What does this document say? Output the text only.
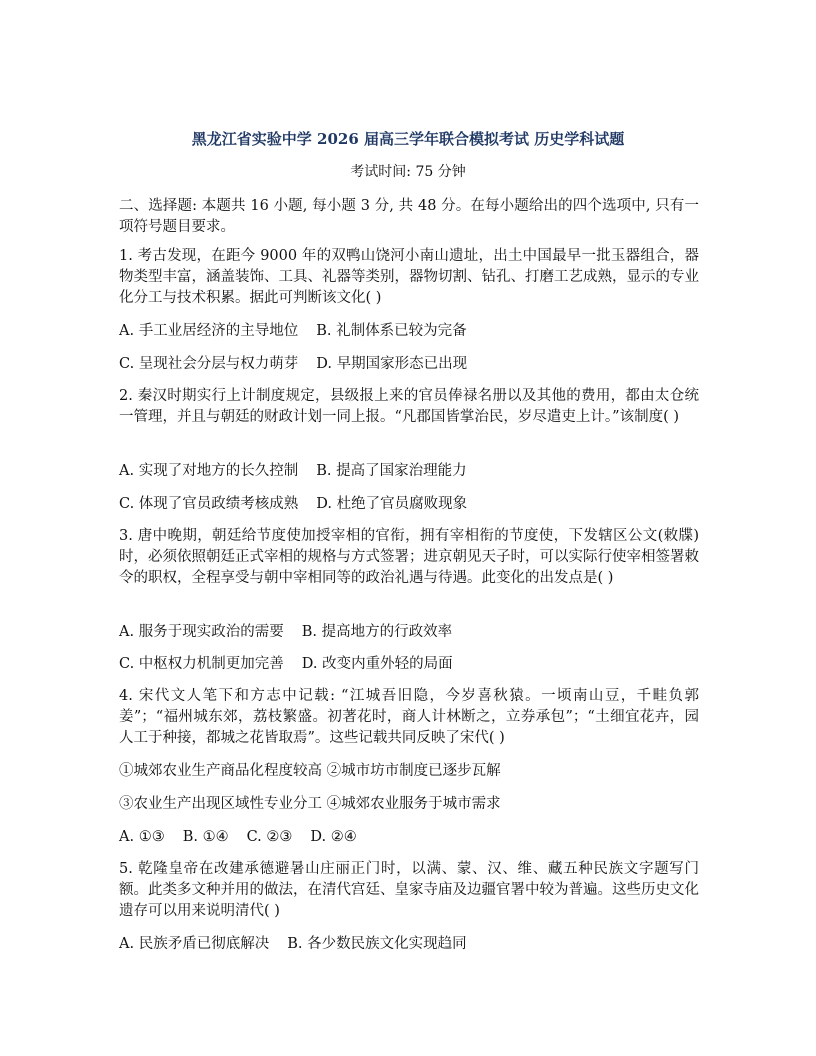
黑龙江省实验中学 2026 届高三学年联合模拟考试 历史学科试题
考试时间: 75 分钟
二、选择题: 本题共 16 小题, 每小题 3 分, 共 48 分。在每小题给出的四个选项中, 只有一项符号题目要求。
1. 考古发现，在距今 9000 年的双鸭山饶河小南山遗址，出土中国最早一批玉器组合，器物类型丰富，涵盖装饰、工具、礼器等类别，器物切割、钻孔、打磨工艺成熟，显示的专业化分工与技术积累。据此可判断该文化( )
A. 手工业居经济的主导地位 B. 礼制体系已较为完备
C. 呈现社会分层与权力萌芽 D. 早期国家形态已出现
2. 秦汉时期实行上计制度规定，县级报上来的官员俸禄名册以及其他的费用，都由太仓统一管理，并且与朝廷的财政计划一同上报。“凡郡国皆掌治民，岁尽遣吏上计。”该制度( )
A. 实现了对地方的长久控制 B. 提高了国家治理能力
C. 体现了官员政绩考核成熟 D. 杜绝了官员腐败现象
3. 唐中晚期，朝廷给节度使加授宰相的官衔，拥有宰相衔的节度使，下发辖区公文(敕牒)时，必须依照朝廷正式宰相的规格与方式签署；进京朝见天子时，可以实际行使宰相签署敕令的职权，全程享受与朝中宰相同等的政治礼遇与待遇。此变化的出发点是( )
A. 服务于现实政治的需要 B. 提高地方的行政效率
C. 中枢权力机制更加完善 D. 改变内重外轻的局面
4. 宋代文人笔下和方志中记载: “江城吾旧隐，今岁喜秋猿。一顷南山豆，千畦负郭姜”；“福州城东郊，荔枝繁盛。初著花时，商人计林断之，立券承包”；“土细宜花卉，园人工于种接，都城之花皆取焉”。这些记载共同反映了宋代( )
①城郊农业生产商品化程度较高 ②城市坊市制度已逐步瓦解
③农业生产出现区域性专业分工 ④城郊农业服务于城市需求
A. ①③ B. ①④ C. ②③ D. ②④
5. 乾隆皇帝在改建承德避暑山庄丽正门时，以满、蒙、汉、维、藏五种民族文字题写门额。此类多文种并用的做法，在清代宫廷、皇家寺庙及边疆官署中较为普遍。这些历史文化遗存可以用来说明清代( )
A. 民族矛盾已彻底解决 B. 各少数民族文化实现趋同
